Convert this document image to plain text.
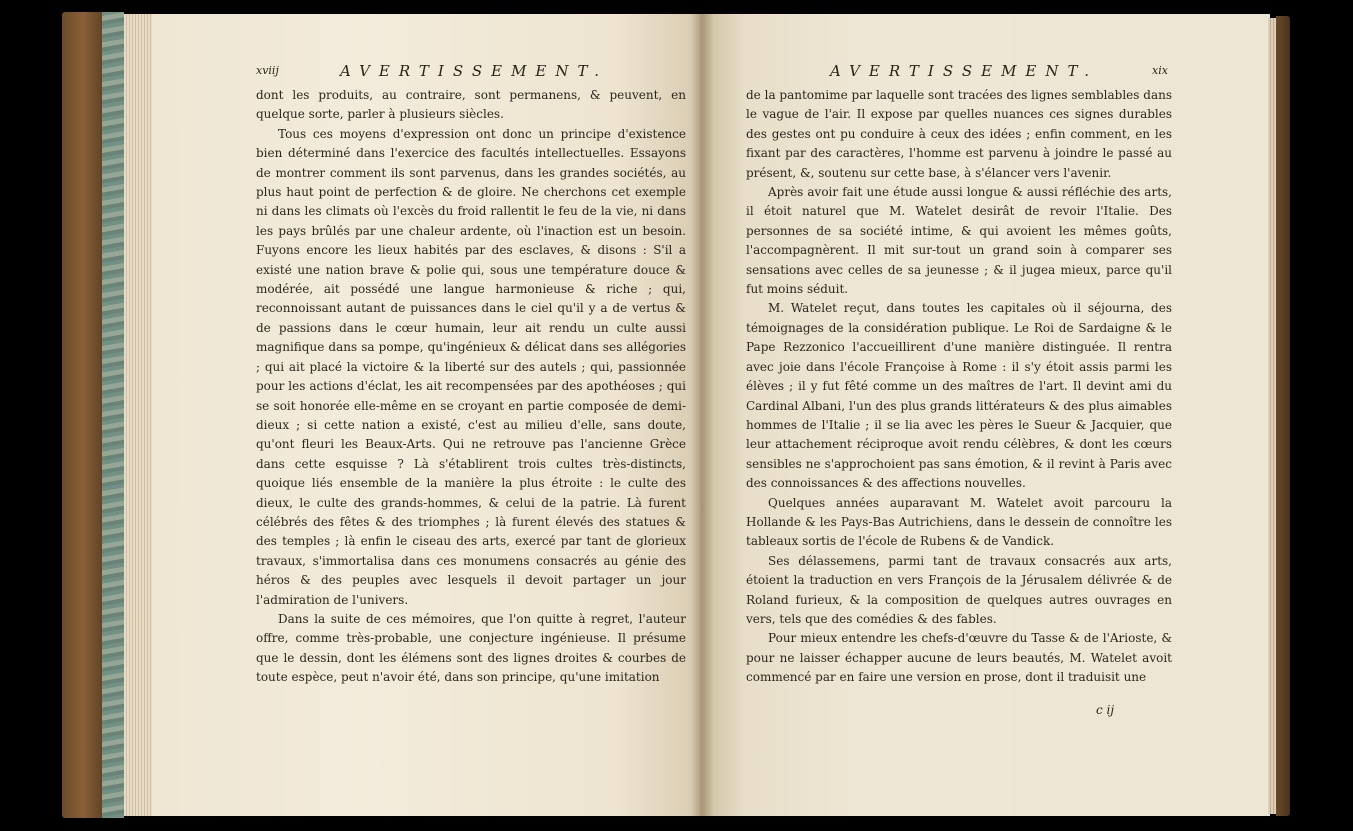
xviij	AVERTISSEMENT.

dont les produits, au contraire, sont permanens, & peuvent, en quelque sorte, parler à plusieurs siècles.

Tous ces moyens d'expression ont donc un principe d'existence bien déterminé dans l'exercice des facultés intellectuelles. Essayons de montrer comment ils sont parvenus, dans les grandes sociétés, au plus haut point de perfection & de gloire. Ne cherchons cet exemple ni dans les climats où l'excès du froid rallentit le feu de la vie, ni dans les pays brûlés par une chaleur ardente, où l'inaction est un besoin. Fuyons encore les lieux habités par des esclaves, & disons : S'il a existé une nation brave & polie qui, sous une température douce & modérée, ait possédé une langue harmonieuse & riche ; qui, reconnoissant autant de puissances dans le ciel qu'il y a de vertus & de passions dans le cœur humain, leur ait rendu un culte aussi magnifique dans sa pompe, qu'ingénieux & délicat dans ses allégories ; qui ait placé la victoire & la liberté sur des autels ; qui, passionnée pour les actions d'éclat, les ait recompensées par des apothéoses ; qui se soit honorée elle-même en se croyant en partie composée de demi-dieux ; si cette nation a existé, c'est au milieu d'elle, sans doute, qu'ont fleuri les Beaux-Arts. Qui ne retrouve pas l'ancienne Grèce dans cette esquisse ? Là s'établirent trois cultes très-distincts, quoique liés ensemble de la manière la plus étroite : le culte des dieux, le culte des grands-hommes, & celui de la patrie. Là furent célébrés des fêtes & des triomphes ; là furent élevés des statues & des temples ; là enfin le ciseau des arts, exercé par tant de glorieux travaux, s'immortalisa dans ces monumens consacrés au génie des héros & des peuples avec lesquels il devoit partager un jour l'admiration de l'univers.

Dans la suite de ces mémoires, que l'on quitte à regret, l'auteur offre, comme très-probable, une conjecture ingénieuse. Il présume que le dessin, dont les élémens sont des lignes droites & courbes de toute espèce, peut n'avoir été, dans son principe, qu'une imitation

AVERTISSEMENT.	xix

de la pantomime par laquelle sont tracées des lignes semblables dans le vague de l'air. Il expose par quelles nuances ces signes durables des gestes ont pu conduire à ceux des idées ; enfin comment, en les fixant par des caractères, l'homme est parvenu à joindre le passé au présent, &, soutenu sur cette base, à s'élancer vers l'avenir.

Après avoir fait une étude aussi longue & aussi réfléchie des arts, il étoit naturel que M. Watelet desirât de revoir l'Italie. Des personnes de sa société intime, & qui avoient les mêmes goûts, l'accompagnèrent. Il mit sur-tout un grand soin à comparer ses sensations avec celles de sa jeunesse ; & il jugea mieux, parce qu'il fut moins séduit.

M. Watelet reçut, dans toutes les capitales où il séjourna, des témoignages de la considération publique. Le Roi de Sardaigne & le Pape Rezzonico l'accueillirent d'une manière distinguée. Il rentra avec joie dans l'école Françoise à Rome : il s'y étoit assis parmi les élèves ; il y fut fêté comme un des maîtres de l'art. Il devint ami du Cardinal Albani, l'un des plus grands littérateurs & des plus aimables hommes de l'Italie ; il se lia avec les pères le Sueur & Jacquier, que leur attachement réciproque avoit rendu célèbres, & dont les cœurs sensibles ne s'approchoient pas sans émotion, & il revint à Paris avec des connoissances & des affections nouvelles.

Quelques années auparavant M. Watelet avoit parcouru la Hollande & les Pays-Bas Autrichiens, dans le dessein de connoître les tableaux sortis de l'école de Rubens & de Vandick.

Ses délassemens, parmi tant de travaux consacrés aux arts, étoient la traduction en vers François de la Jérusalem délivrée & de Roland furieux, & la composition de quelques autres ouvrages en vers, tels que des comédies & des fables.

Pour mieux entendre les chefs-d'œuvre du Tasse & de l'Arioste, & pour ne laisser échapper aucune de leurs beautés, M. Watelet avoit commencé par en faire une version en prose, dont il traduisit une

c ij
